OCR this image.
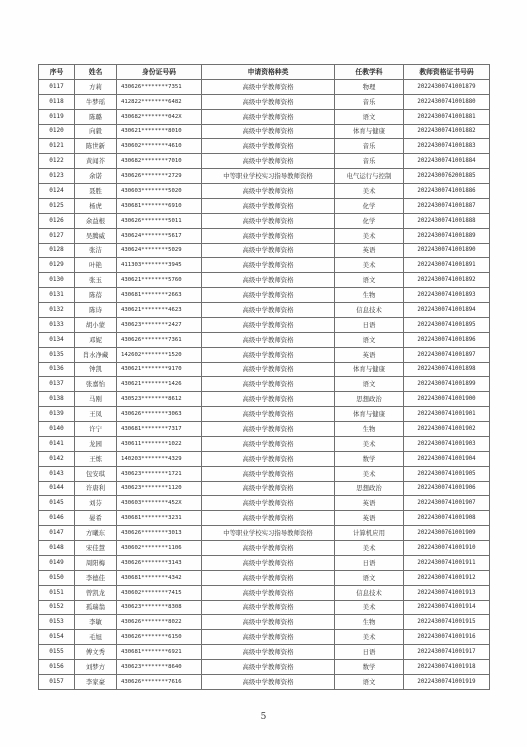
序号	姓名	身份证号码	申请资格种类	任教学科	教师资格证书号码
0117	方莉	430626********7351	高级中学教师资格	物理	20224300741001879
0118	牛梦瑶	412822********6482	高级中学教师资格	音乐	20224300741001880
0119	陈璐	430682********042X	高级中学教师资格	语文	20224300741001881
0120	向毅	430621********8010	高级中学教师资格	体育与健康	20224300741001882
0121	陈世新	430602********4610	高级中学教师资格	音乐	20224300741001883
0122	黄闻芥	430682********7010	高级中学教师资格	音乐	20224300741001884
0123	余诺	430626********2729	中等职业学校实习指导教师资格	电气运行与控制	20224300762001885
0124	聂胜	430603********5020	高级中学教师资格	美术	20224300741001886
0125	杨虎	430681********6910	高级中学教师资格	化学	20224300741001887
0126	余益根	430626********5011	高级中学教师资格	化学	20224300741001888
0127	吴腾威	430624********5617	高级中学教师资格	美术	20224300741001889
0128	张洁	430624********5029	高级中学教师资格	英语	20224300741001890
0129	叶艳	411303********3945	高级中学教师资格	美术	20224300741001891
0130	张玉	430621********5760	高级中学教师资格	语文	20224300741001892
0131	陈蓓	430681********2663	高级中学教师资格	生物	20224300741001893
0132	陈诗	430621********4623	高级中学教师资格	信息技术	20224300741001894
0133	胡小蒙	430623********2427	高级中学教师资格	日语	20224300741001895
0134	邓妮	430626********7361	高级中学教师资格	语文	20224300741001896
0135	肖水净藏	142602********1520	高级中学教师资格	英语	20224300741001897
0136	钟凯	430621********9170	高级中学教师资格	体育与健康	20224300741001898
0137	张嘉怡	430621********1426	高级中学教师资格	语文	20224300741001899
0138	马刚	430523********8612	高级中学教师资格	思想政治	20224300741001900
0139	王凤	430626********3063	高级中学教师资格	体育与健康	20224300741001901
0140	许宁	430681********7317	高级中学教师资格	生物	20224300741001902
0141	龙园	430611********1022	高级中学教师资格	美术	20224300741001903
0142	王炼	140203********4329	高级中学教师资格	数学	20224300741001904
0143	包安琪	430623********1721	高级中学教师资格	美术	20224300741001905
0144	许唐利	430623********1120	高级中学教师资格	思想政治	20224300741001906
0145	刘芬	430603********452X	高级中学教师资格	英语	20224300741001907
0146	晏希	430681********3231	高级中学教师资格	英语	20224300741001908
0147	方曦东	430626********3013	中等职业学校实习指导教师资格	计算机应用	20224300761001909
0148	宋佳慧	430602********1106	高级中学教师资格	美术	20224300741001910
0149	周阳梅	430626********3143	高级中学教师资格	日语	20224300741001911
0150	李德佳	430681********4342	高级中学教师资格	语文	20224300741001912
0151	曾凯龙	430602********7415	高级中学教师资格	信息技术	20224300741001913
0152	孤瑞翁	430623********8308	高级中学教师资格	美术	20224300741001914
0153	李敏	430626********8022	高级中学教师资格	生物	20224300741001915
0154	毛旭	430626********6150	高级中学教师资格	美术	20224300741001916
0155	傅文秀	430681********6921	高级中学教师资格	日语	20224300741001917
0156	刘梦方	430623********8640	高级中学教师资格	数学	20224300741001918
0157	李家豪	430626********7616	高级中学教师资格	语文	20224300741001919
5
